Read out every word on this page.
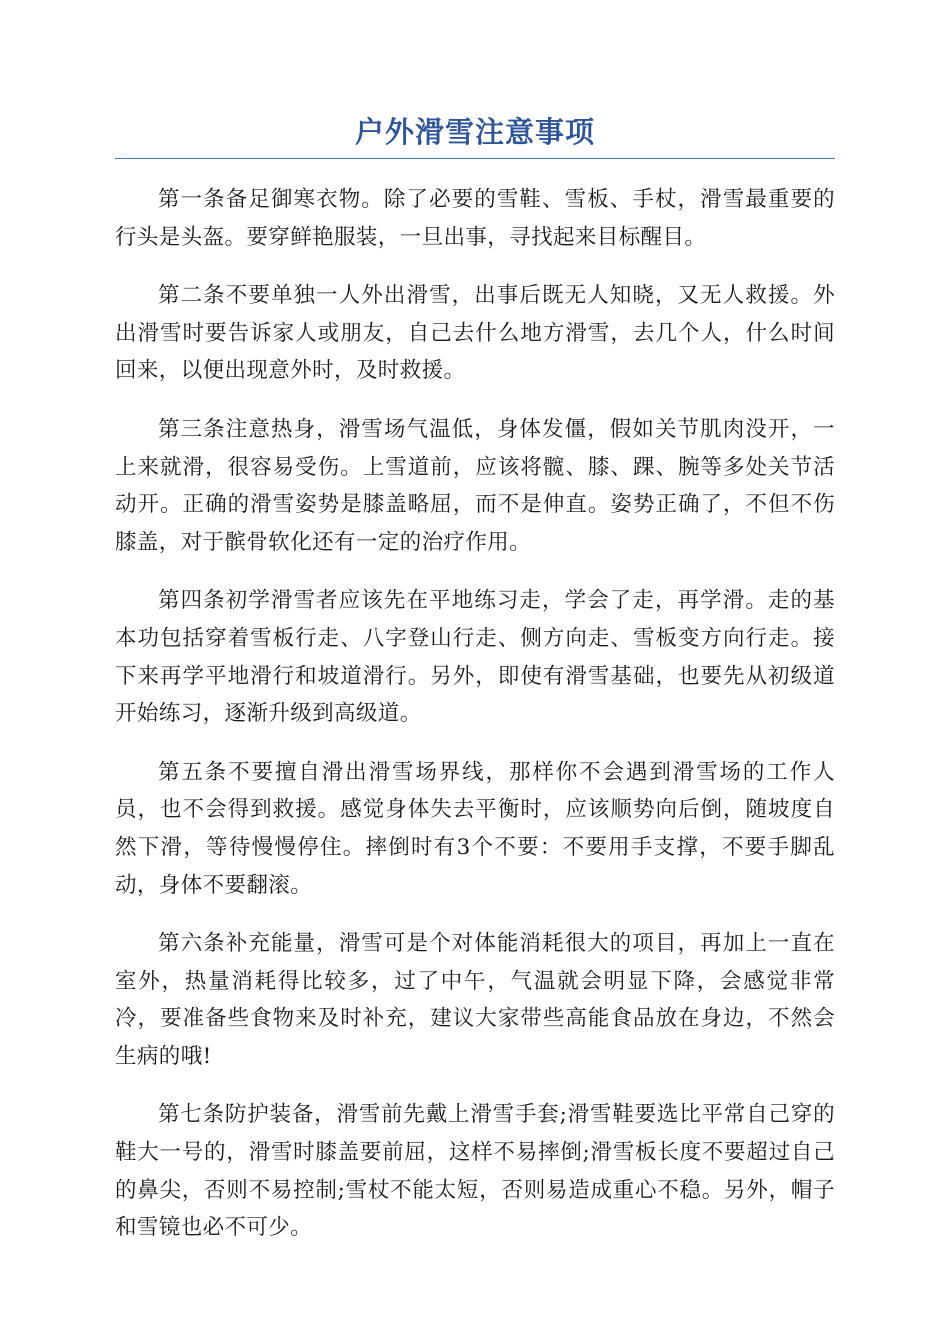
户外滑雪注意事项

第一条备足御寒衣物。除了必要的雪鞋、雪板、手杖，滑雪最重要的行头是头盔。要穿鲜艳服装，一旦出事，寻找起来目标醒目。

第二条不要单独一人外出滑雪，出事后既无人知晓，又无人救援。外出滑雪时要告诉家人或朋友，自己去什么地方滑雪，去几个人，什么时间回来，以便出现意外时，及时救援。

第三条注意热身，滑雪场气温低，身体发僵，假如关节肌肉没开，一上来就滑，很容易受伤。上雪道前，应该将髋、膝、踝、腕等多处关节活动开。正确的滑雪姿势是膝盖略屈，而不是伸直。姿势正确了，不但不伤膝盖，对于髌骨软化还有一定的治疗作用。

第四条初学滑雪者应该先在平地练习走，学会了走，再学滑。走的基本功包括穿着雪板行走、八字登山行走、侧方向走、雪板变方向行走。接下来再学平地滑行和坡道滑行。另外，即使有滑雪基础，也要先从初级道开始练习，逐渐升级到高级道。

第五条不要擅自滑出滑雪场界线，那样你不会遇到滑雪场的工作人员，也不会得到救援。感觉身体失去平衡时，应该顺势向后倒，随坡度自然下滑，等待慢慢停住。摔倒时有3个不要：不要用手支撑，不要手脚乱动，身体不要翻滚。

第六条补充能量，滑雪可是个对体能消耗很大的项目，再加上一直在室外，热量消耗得比较多，过了中午，气温就会明显下降，会感觉非常冷，要准备些食物来及时补充，建议大家带些高能食品放在身边，不然会生病的哦!

第七条防护装备，滑雪前先戴上滑雪手套;滑雪鞋要选比平常自己穿的鞋大一号的，滑雪时膝盖要前屈，这样不易摔倒;滑雪板长度不要超过自己的鼻尖，否则不易控制;雪杖不能太短，否则易造成重心不稳。另外，帽子和雪镜也必不可少。
